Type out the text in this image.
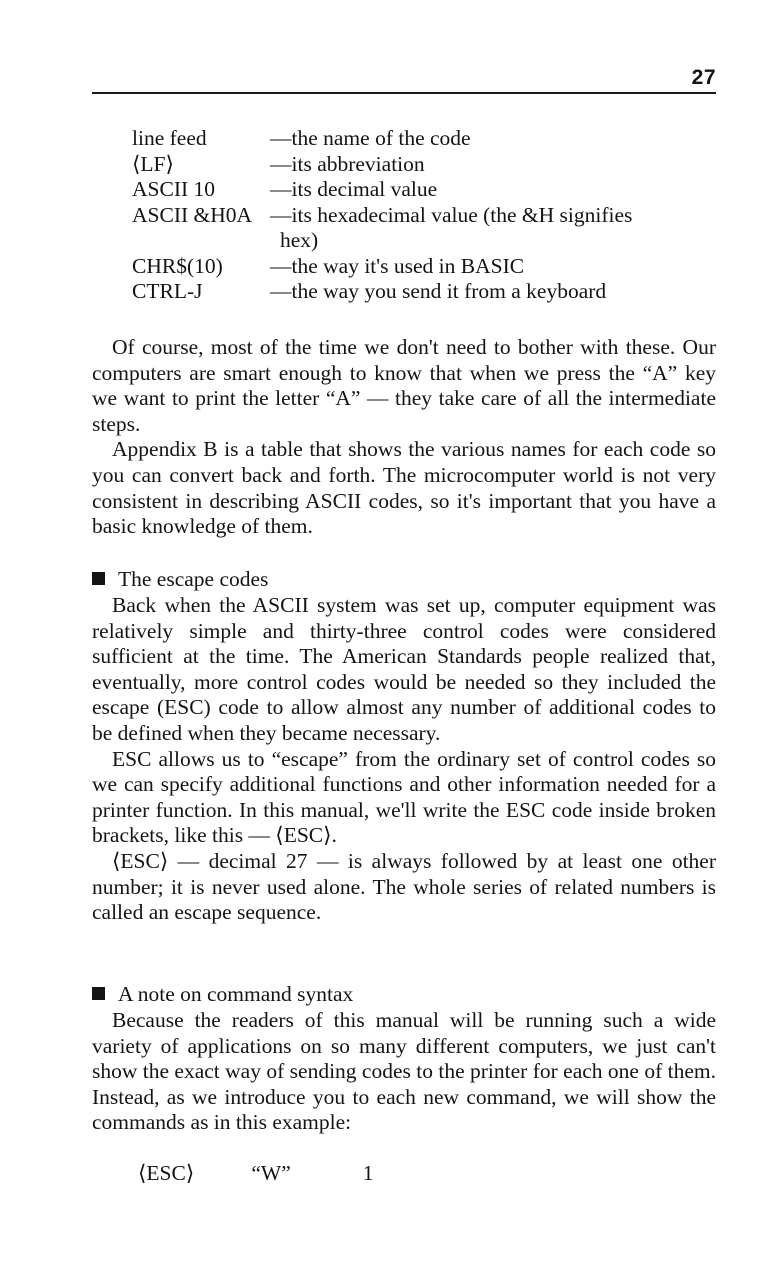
27
line feed	—the name of the code
⟨LF⟩	—its abbreviation
ASCII 10	—its decimal value
ASCII &H0A —its hexadecimal value (the &H signifies
hex)
CHR$(10) —the way it's used in BASIC
CTRL-J	—the way you send it from a keyboard

Of course, most of the time we don't need to bother with these. Our computers are smart enough to know that when we press the “A” key we want to print the letter “A” — they take care of all the intermediate steps.

Appendix B is a table that shows the various names for each code so you can convert back and forth. The microcomputer world is not very consistent in describing ASCII codes, so it's important that you have a basic knowledge of them.

The escape codes

Back when the ASCII system was set up, computer equipment was relatively simple and thirty-three control codes were considered sufficient at the time. The American Standards people realized that, eventually, more control codes would be needed so they included the escape (ESC) code to allow almost any number of additional codes to be defined when they became necessary.

ESC allows us to “escape” from the ordinary set of control codes so we can specify additional functions and other information needed for a printer function. In this manual, we'll write the ESC code inside broken brackets, like this — ⟨ESC⟩.

⟨ESC⟩ — decimal 27 — is always followed by at least one other number; it is never used alone. The whole series of related numbers is called an escape sequence.

A note on command syntax

Because the readers of this manual will be running such a wide variety of applications on so many different computers, we just can't show the exact way of sending codes to the printer for each one of them. Instead, as we introduce you to each new command, we will show the commands as in this example:

⟨ESC⟩	“W”	1
